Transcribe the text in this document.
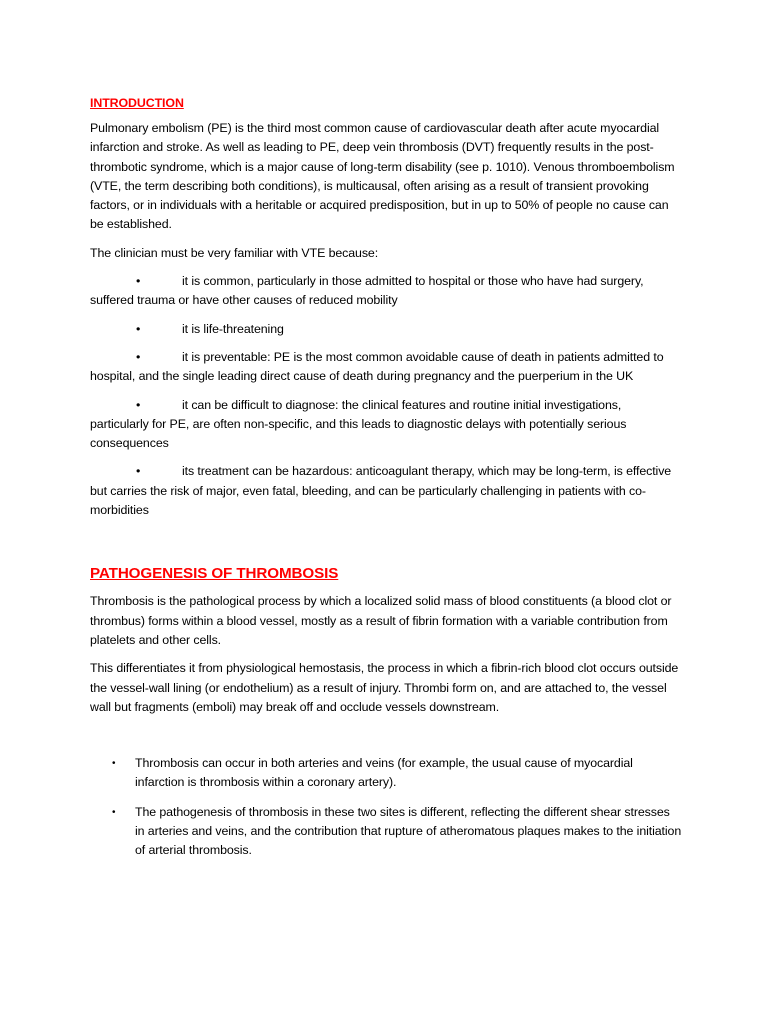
INTRODUCTION

Pulmonary embolism (PE) is the third most common cause of cardiovascular death after acute myocardial infarction and stroke. As well as leading to PE, deep vein thrombosis (DVT) frequently results in the post-thrombotic syndrome, which is a major cause of long-term disability (see p. 1010). Venous thromboembolism (VTE, the term describing both conditions), is multicausal, often arising as a result of transient provoking factors, or in individuals with a heritable or acquired predisposition, but in up to 50% of people no cause can be established.

The clinician must be very familiar with VTE because:

•	it is common, particularly in those admitted to hospital or those who have had surgery, suffered trauma or have other causes of reduced mobility
•	it is life-threatening
•	it is preventable: PE is the most common avoidable cause of death in patients admitted to hospital, and the single leading direct cause of death during pregnancy and the puerperium in the UK
•	it can be difficult to diagnose: the clinical features and routine initial investigations, particularly for PE, are often non-specific, and this leads to diagnostic delays with potentially serious consequences
•	its treatment can be hazardous: anticoagulant therapy, which may be long-term, is effective but carries the risk of major, even fatal, bleeding, and can be particularly challenging in patients with co-morbidities
PATHOGENESIS OF THROMBOSIS

Thrombosis is the pathological process by which a localized solid mass of blood constituents (a blood clot or thrombus) forms within a blood vessel, mostly as a result of fibrin formation with a variable contribution from platelets and other cells.

This differentiates it from physiological hemostasis, the process in which a fibrin-rich blood clot occurs outside the vessel-wall lining (or endothelium) as a result of injury. Thrombi form on, and are attached to, the vessel wall but fragments (emboli) may break off and occlude vessels downstream.

• Thrombosis can occur in both arteries and veins (for example, the usual cause of myocardial infarction is thrombosis within a coronary artery).
• The pathogenesis of thrombosis in these two sites is different, reflecting the different shear stresses in arteries and veins, and the contribution that rupture of atheromatous plaques makes to the initiation of arterial thrombosis.
